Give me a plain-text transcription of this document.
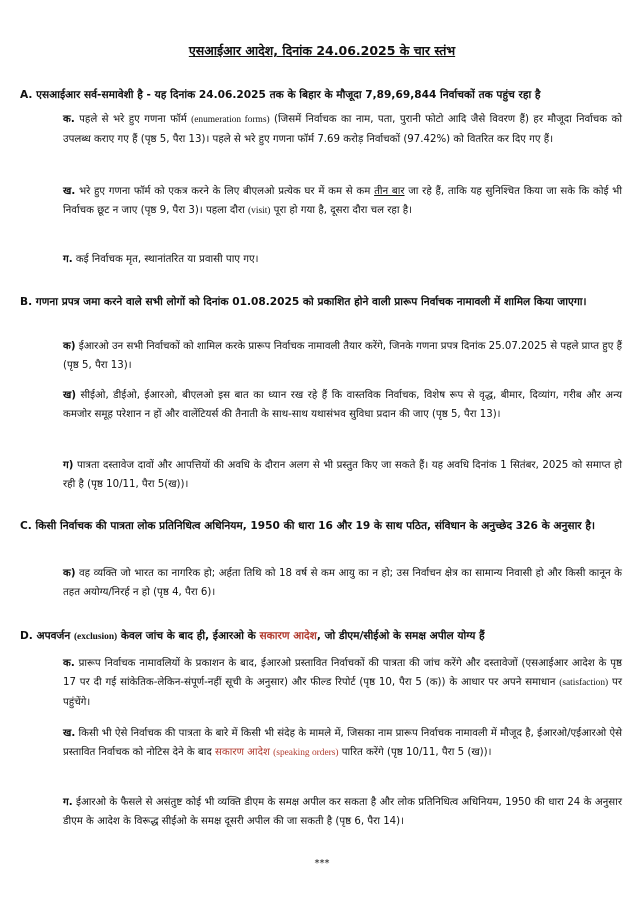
एसआईआर आदेश, दिनांक 24.06.2025 के चार स्तंभ
A. एसआईआर सर्व-समावेशी है - यह दिनांक 24.06.2025 तक के बिहार के मौजूदा 7,89,69,844 निर्वाचकों तक पहुंच रहा है
क. पहले से भरे हुए गणना फॉर्म (enumeration forms) (जिसमें निर्वाचक का नाम, पता, पुरानी फोटो आदि जैसे विवरण हैं) हर मौजूदा निर्वाचक को उपलब्ध कराए गए हैं (पृष्ठ 5, पैरा 13)। पहले से भरे हुए गणना फॉर्म 7.69 करोड़ निर्वाचकों (97.42%) को वितरित कर दिए गए हैं।
ख. भरे हुए गणना फॉर्म को एकत्र करने के लिए बीएलओ प्रत्येक घर में कम से कम तीन बार जा रहे हैं, ताकि यह सुनिश्चित किया जा सके कि कोई भी निर्वाचक छूट न जाए (पृष्ठ 9, पैरा 3)। पहला दौरा (visit) पूरा हो गया है, दूसरा दौरा चल रहा है।
ग. कई निर्वाचक मृत, स्थानांतरित या प्रवासी पाए गए।
B. गणना प्रपत्र जमा करने वाले सभी लोगों को दिनांक 01.08.2025 को प्रकाशित होने वाली प्रारूप निर्वाचक नामावली में शामिल किया जाएगा।
क) ईआरओ उन सभी निर्वाचकों को शामिल करके प्रारूप निर्वाचक नामावली तैयार करेंगे, जिनके गणना प्रपत्र दिनांक 25.07.2025 से पहले प्राप्त हुए हैं (पृष्ठ 5, पैरा 13)।
ख) सीईओ, डीईओ, ईआरओ, बीएलओ इस बात का ध्यान रख रहे हैं कि वास्तविक निर्वाचक, विशेष रूप से वृद्ध, बीमार, दिव्यांग, गरीब और अन्य कमजोर समूह परेशान न हों और वालेंटियर्स की तैनाती के साथ-साथ यथासंभव सुविधा प्रदान की जाए (पृष्ठ 5, पैरा 13)।
ग) पात्रता दस्तावेज दावों और आपत्तियों की अवधि के दौरान अलग से भी प्रस्तुत किए जा सकते हैं। यह अवधि दिनांक 1 सितंबर, 2025 को समाप्त हो रही है (पृष्ठ 10/11, पैरा 5(ख))।
C. किसी निर्वाचक की पात्रता लोक प्रतिनिधित्व अधिनियम, 1950 की धारा 16 और 19 के साथ पठित, संविधान के अनुच्छेद 326 के अनुसार है।
क) वह व्यक्ति जो भारत का नागरिक हो; अर्हता तिथि को 18 वर्ष से कम आयु का न हो; उस निर्वाचन क्षेत्र का सामान्य निवासी हो और किसी कानून के तहत अयोग्य/निरर्ह न हो (पृष्ठ 4, पैरा 6)।
D. अपवर्जन (exclusion) केवल जांच के बाद ही, ईआरओ के सकारण आदेश, जो डीएम/सीईओ के समक्ष अपील योग्य हैं
क. प्रारूप निर्वाचक नामावलियों के प्रकाशन के बाद, ईआरओ प्रस्तावित निर्वाचकों की पात्रता की जांच करेंगे और दस्तावेजों (एसआईआर आदेश के पृष्ठ 17 पर दी गई सांकेतिक-लेकिन-संपूर्ण-नहीं सूची के अनुसार) और फील्ड रिपोर्ट (पृष्ठ 10, पैरा 5 (क)) के आधार पर अपने समाधान (satisfaction) पर पहुंचेंगे।
ख. किसी भी ऐसे निर्वाचक की पात्रता के बारे में किसी भी संदेह के मामले में, जिसका नाम प्रारूप निर्वाचक नामावली में मौजूद है, ईआरओ/एईआरओ ऐसे प्रस्तावित निर्वाचक को नोटिस देने के बाद सकारण आदेश (speaking orders) पारित करेंगे (पृष्ठ 10/11, पैरा 5 (ख))।
ग. ईआरओ के फैसले से असंतुष्ट कोई भी व्यक्ति डीएम के समक्ष अपील कर सकता है और लोक प्रतिनिधित्व अधिनियम, 1950 की धारा 24 के अनुसार डीएम के आदेश के विरूद्ध सीईओ के समक्ष दूसरी अपील की जा सकती है (पृष्ठ 6, पैरा 14)।
***
